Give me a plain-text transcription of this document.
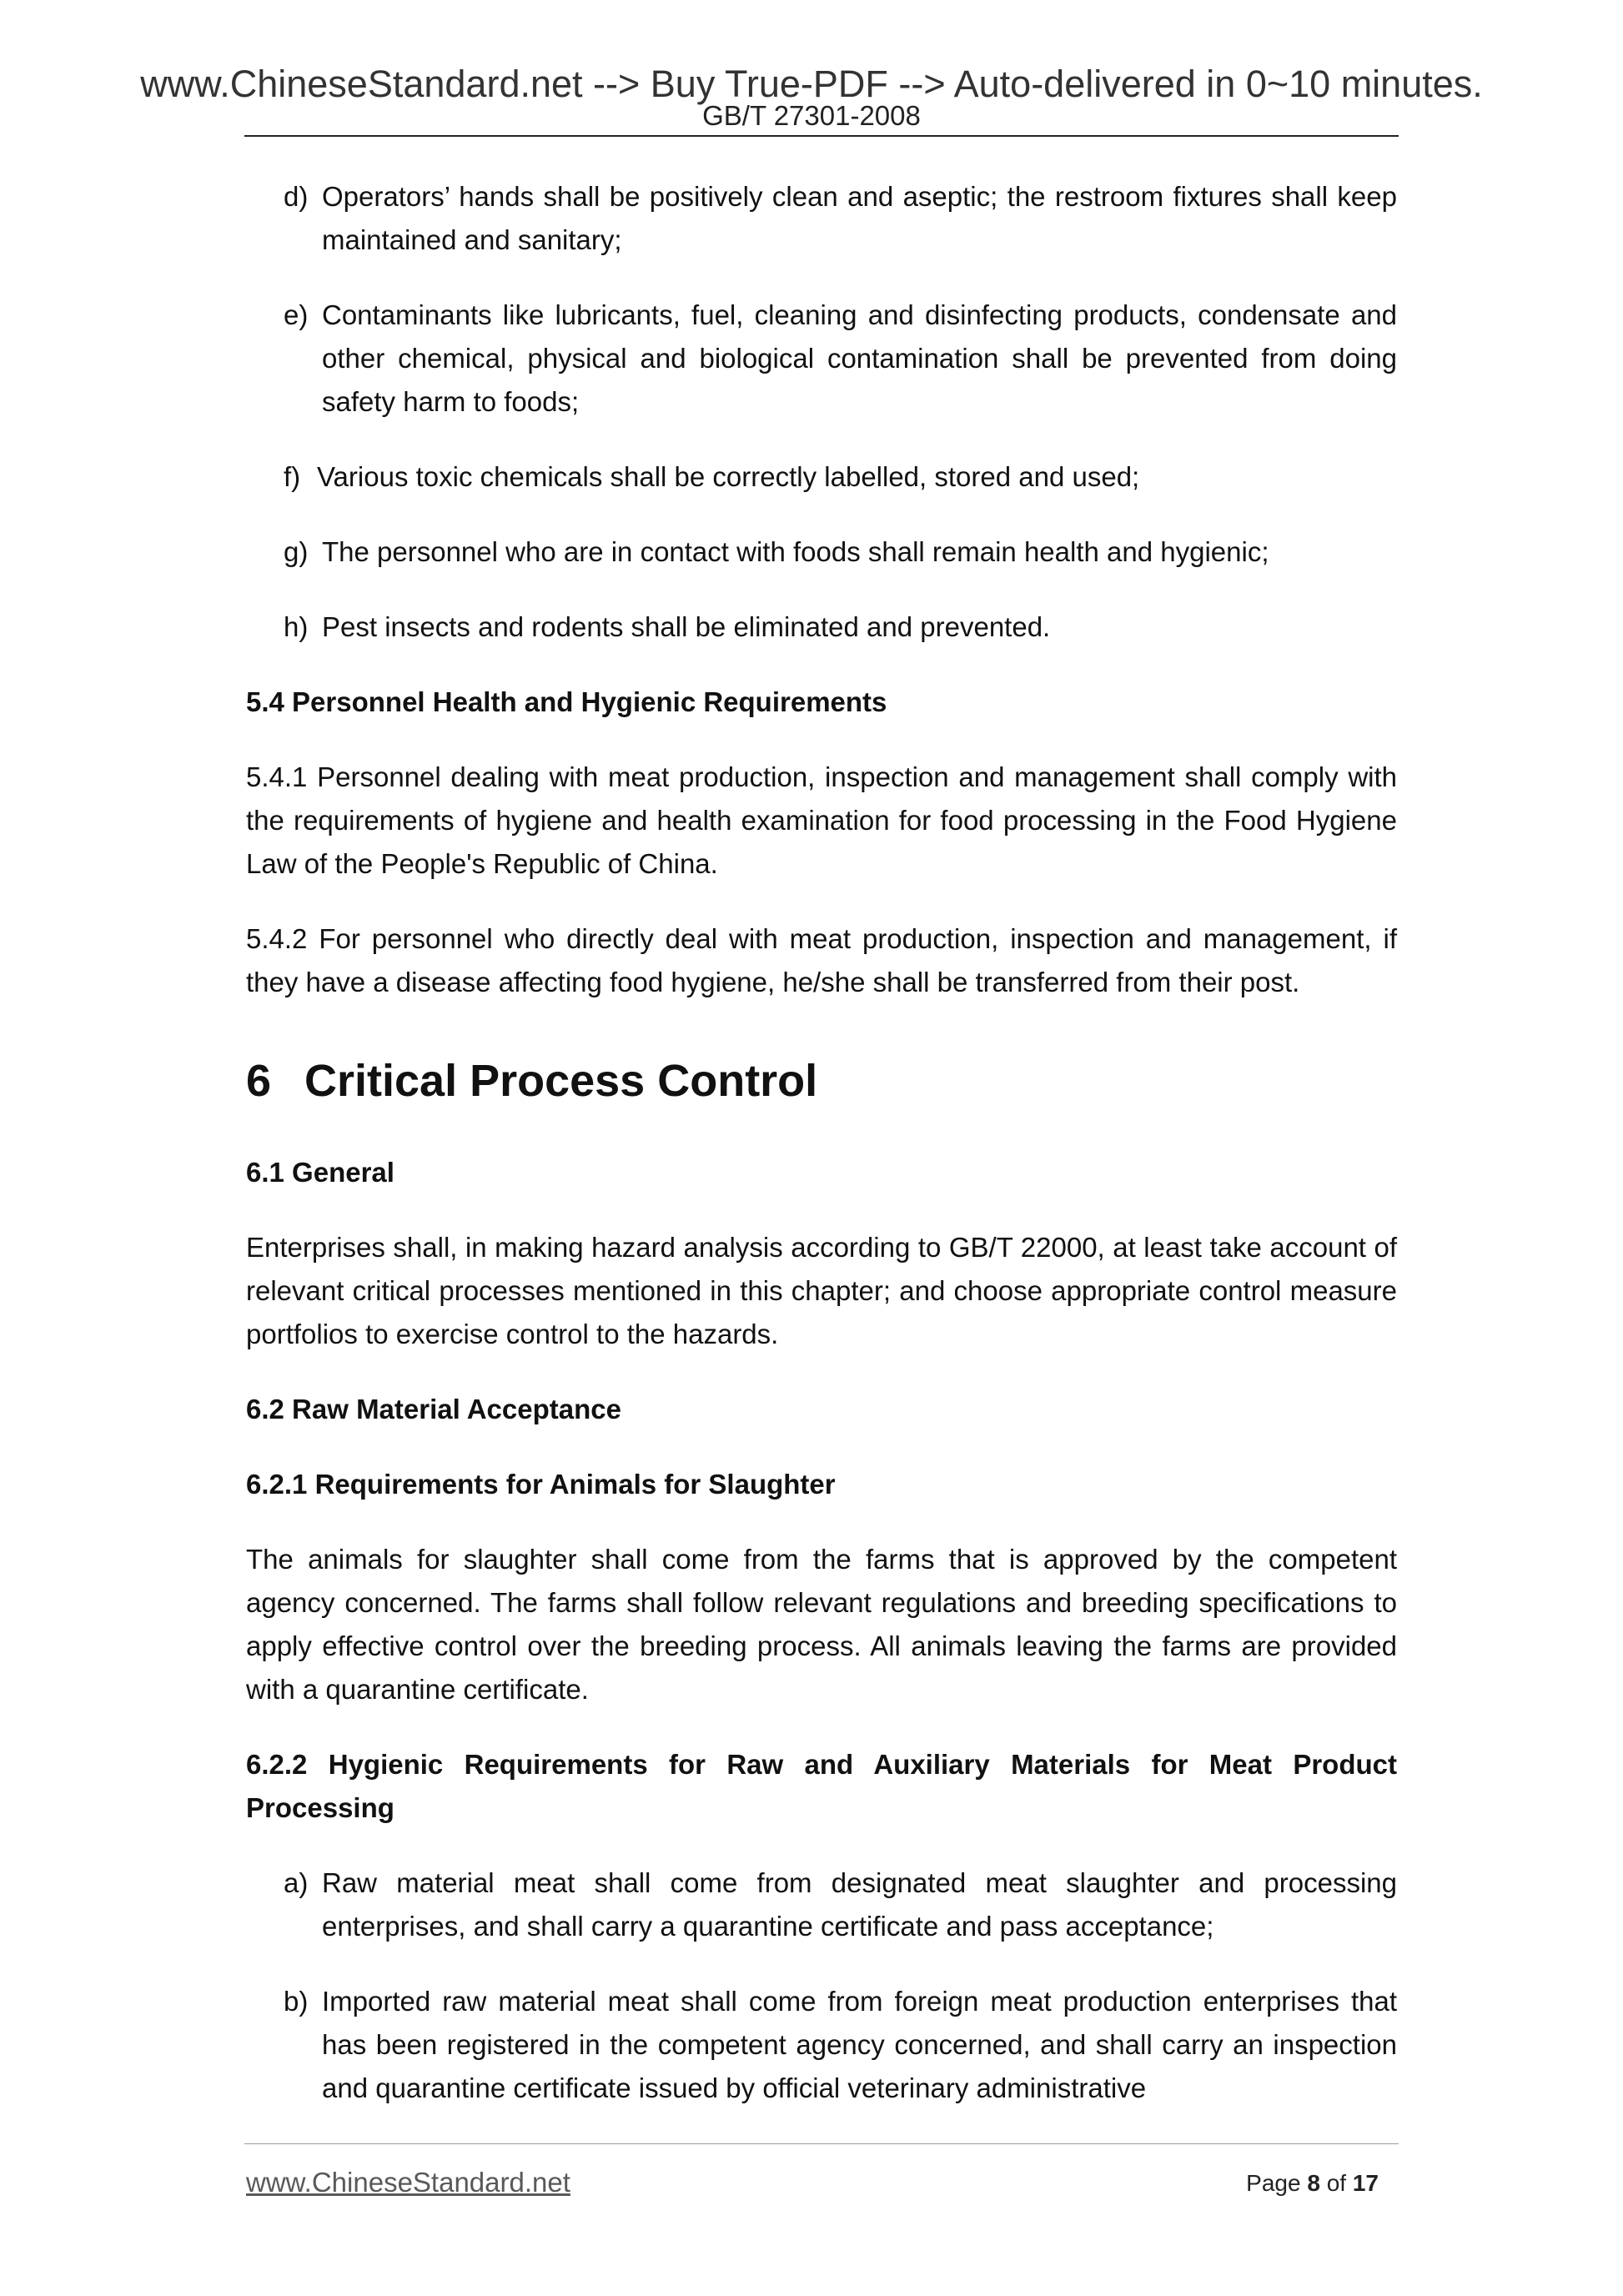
www.ChineseStandard.net --> Buy True-PDF --> Auto-delivered in 0~10 minutes.
GB/T 27301-2008
d) Operators’ hands shall be positively clean and aseptic; the restroom fixtures shall keep maintained and sanitary;
e) Contaminants like lubricants, fuel, cleaning and disinfecting products, condensate and other chemical, physical and biological contamination shall be prevented from doing safety harm to foods;
f) Various toxic chemicals shall be correctly labelled, stored and used;
g) The personnel who are in contact with foods shall remain health and hygienic;
h) Pest insects and rodents shall be eliminated and prevented.
5.4 Personnel Health and Hygienic Requirements
5.4.1 Personnel dealing with meat production, inspection and management shall comply with the requirements of hygiene and health examination for food processing in the Food Hygiene Law of the People's Republic of China.
5.4.2 For personnel who directly deal with meat production, inspection and management, if they have a disease affecting food hygiene, he/she shall be transferred from their post.
6 Critical Process Control
6.1 General
Enterprises shall, in making hazard analysis according to GB/T 22000, at least take account of relevant critical processes mentioned in this chapter; and choose appropriate control measure portfolios to exercise control to the hazards.
6.2 Raw Material Acceptance
6.2.1 Requirements for Animals for Slaughter
The animals for slaughter shall come from the farms that is approved by the competent agency concerned. The farms shall follow relevant regulations and breeding specifications to apply effective control over the breeding process. All animals leaving the farms are provided with a quarantine certificate.
6.2.2 Hygienic Requirements for Raw and Auxiliary Materials for Meat Product Processing
a) Raw material meat shall come from designated meat slaughter and processing enterprises, and shall carry a quarantine certificate and pass acceptance;
b) Imported raw material meat shall come from foreign meat production enterprises that has been registered in the competent agency concerned, and shall carry an inspection and quarantine certificate issued by official veterinary administrative
www.ChineseStandard.net	Page 8 of 17
